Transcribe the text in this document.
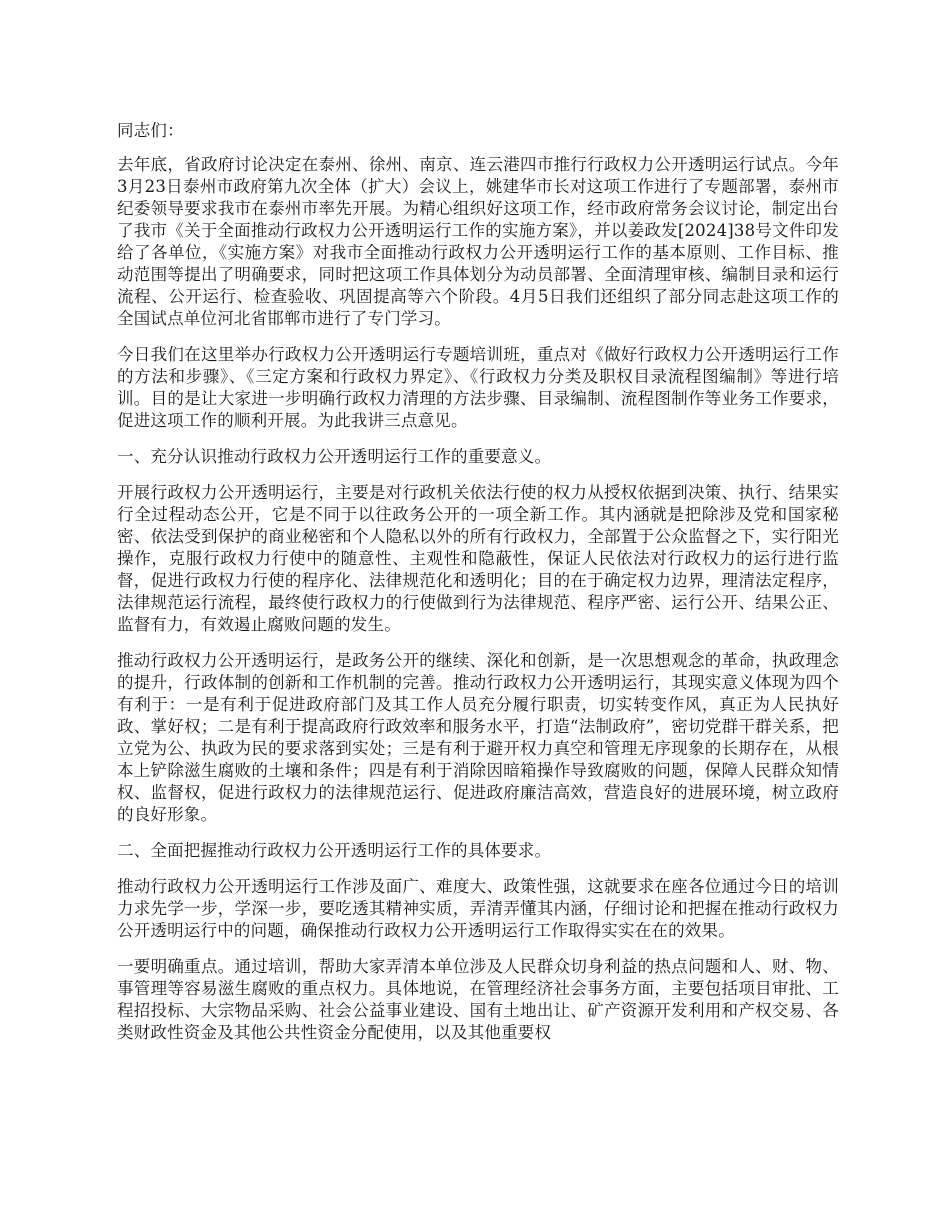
同志们：

去年底，省政府讨论决定在泰州、徐州、南京、连云港四市推行行政权力公开透明运行试点。今年3月23日泰州市政府第九次全体（扩大）会议上，姚建华市长对这项工作进行了专题部署，泰州市纪委领导要求我市在泰州市率先开展。为精心组织好这项工作，经市政府常务会议讨论，制定出台了我市《关于全面推动行政权力公开透明运行工作的实施方案》，并以姜政发[2024]38号文件印发给了各单位，《实施方案》对我市全面推动行政权力公开透明运行工作的基本原则、工作目标、推动范围等提出了明确要求，同时把这项工作具体划分为动员部署、全面清理审核、编制目录和运行流程、公开运行、检查验收、巩固提高等六个阶段。4月5日我们还组织了部分同志赴这项工作的全国试点单位河北省邯郸市进行了专门学习。

今日我们在这里举办行政权力公开透明运行专题培训班，重点对《做好行政权力公开透明运行工作的方法和步骤》、《三定方案和行政权力界定》、《行政权力分类及职权目录流程图编制》等进行培训。目的是让大家进一步明确行政权力清理的方法步骤、目录编制、流程图制作等业务工作要求，促进这项工作的顺利开展。为此我讲三点意见。

一、充分认识推动行政权力公开透明运行工作的重要意义。

开展行政权力公开透明运行，主要是对行政机关依法行使的权力从授权依据到决策、执行、结果实行全过程动态公开，它是不同于以往政务公开的一项全新工作。其内涵就是把除涉及党和国家秘密、依法受到保护的商业秘密和个人隐私以外的所有行政权力，全部置于公众监督之下，实行阳光操作，克服行政权力行使中的随意性、主观性和隐蔽性，保证人民依法对行政权力的运行进行监督，促进行政权力行使的程序化、法律规范化和透明化；目的在于确定权力边界，理清法定程序，法律规范运行流程，最终使行政权力的行使做到行为法律规范、程序严密、运行公开、结果公正、监督有力，有效遏止腐败问题的发生。

推动行政权力公开透明运行，是政务公开的继续、深化和创新，是一次思想观念的革命，执政理念的提升，行政体制的创新和工作机制的完善。推动行政权力公开透明运行，其现实意义体现为四个有利于：一是有利于促进政府部门及其工作人员充分履行职责，切实转变作风，真正为人民执好政、掌好权；二是有利于提高政府行政效率和服务水平，打造“法制政府”，密切党群干群关系，把立党为公、执政为民的要求落到实处；三是有利于避开权力真空和管理无序现象的长期存在，从根本上铲除滋生腐败的土壤和条件；四是有利于消除因暗箱操作导致腐败的问题，保障人民群众知情权、监督权，促进行政权力的法律规范运行、促进政府廉洁高效，营造良好的进展环境，树立政府的良好形象。

二、全面把握推动行政权力公开透明运行工作的具体要求。

推动行政权力公开透明运行工作涉及面广、难度大、政策性强，这就要求在座各位通过今日的培训力求先学一步，学深一步，要吃透其精神实质，弄清弄懂其内涵，仔细讨论和把握在推动行政权力公开透明运行中的问题，确保推动行政权力公开透明运行工作取得实实在在的效果。

一要明确重点。通过培训，帮助大家弄清本单位涉及人民群众切身利益的热点问题和人、财、物、事管理等容易滋生腐败的重点权力。具体地说，在管理经济社会事务方面，主要包括项目审批、工程招投标、大宗物品采购、社会公益事业建设、国有土地出让、矿产资源开发利用和产权交易、各类财政性资金及其他公共性资金分配使用，以及其他重要权
